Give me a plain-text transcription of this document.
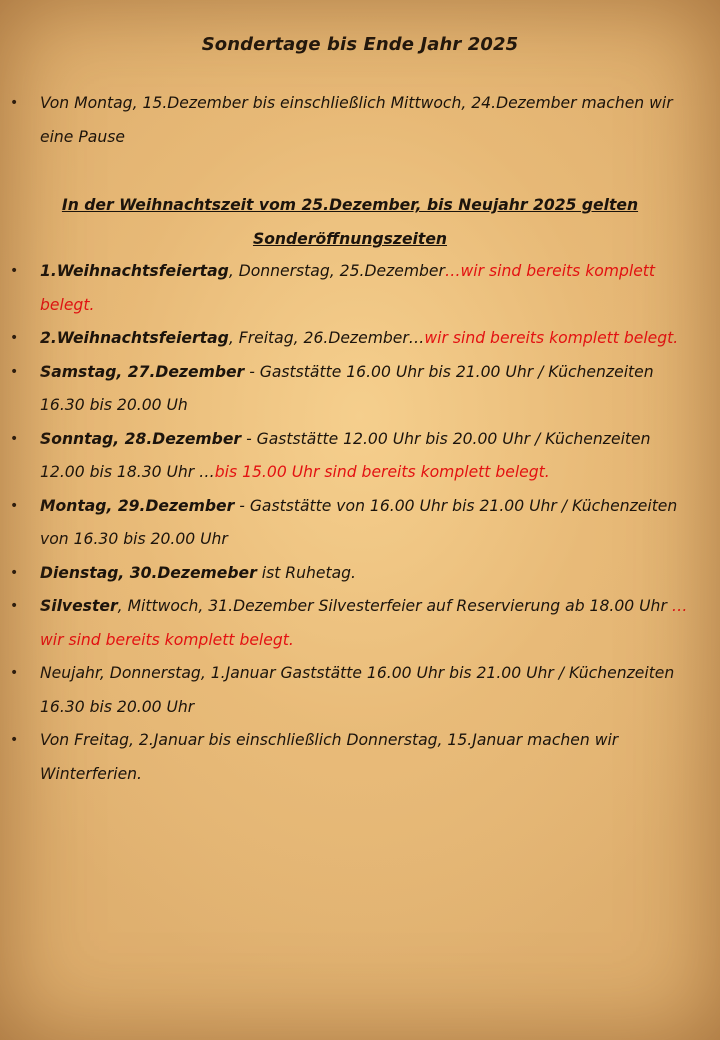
Sondertage bis Ende Jahr 2025
• Von Montag, 15.Dezember bis einschließlich Mittwoch, 24.Dezember machen wir eine Pause
In der Weihnachtszeit vom 25.Dezember, bis Neujahr 2025 gelten Sonderöffnungszeiten
• 1.Weihnachtsfeiertag, Donnerstag, 25.Dezember…wir sind bereits komplett belegt.
• 2.Weihnachtsfeiertag, Freitag, 26.Dezember…wir sind bereits komplett belegt.
• Samstag, 27.Dezember - Gaststätte 16.00 Uhr bis 21.00 Uhr / Küchenzeiten 16.30 bis 20.00 Uh
• Sonntag, 28.Dezember - Gaststätte 12.00 Uhr bis 20.00 Uhr / Küchenzeiten 12.00 bis 18.30 Uhr …bis 15.00 Uhr sind bereits komplett belegt.
• Montag, 29.Dezember - Gaststätte von 16.00 Uhr bis 21.00 Uhr / Küchenzeiten von 16.30 bis 20.00 Uhr
• Dienstag, 30.Dezemeber ist Ruhetag.
• Silvester, Mittwoch, 31.Dezember Silvesterfeier auf Reservierung ab 18.00 Uhr …wir sind bereits komplett belegt.
• Neujahr, Donnerstag, 1.Januar Gaststätte 16.00 Uhr bis 21.00 Uhr / Küchenzeiten 16.30 bis 20.00 Uhr
• Von Freitag, 2.Januar bis einschließlich Donnerstag, 15.Januar machen wir Winterferien.
